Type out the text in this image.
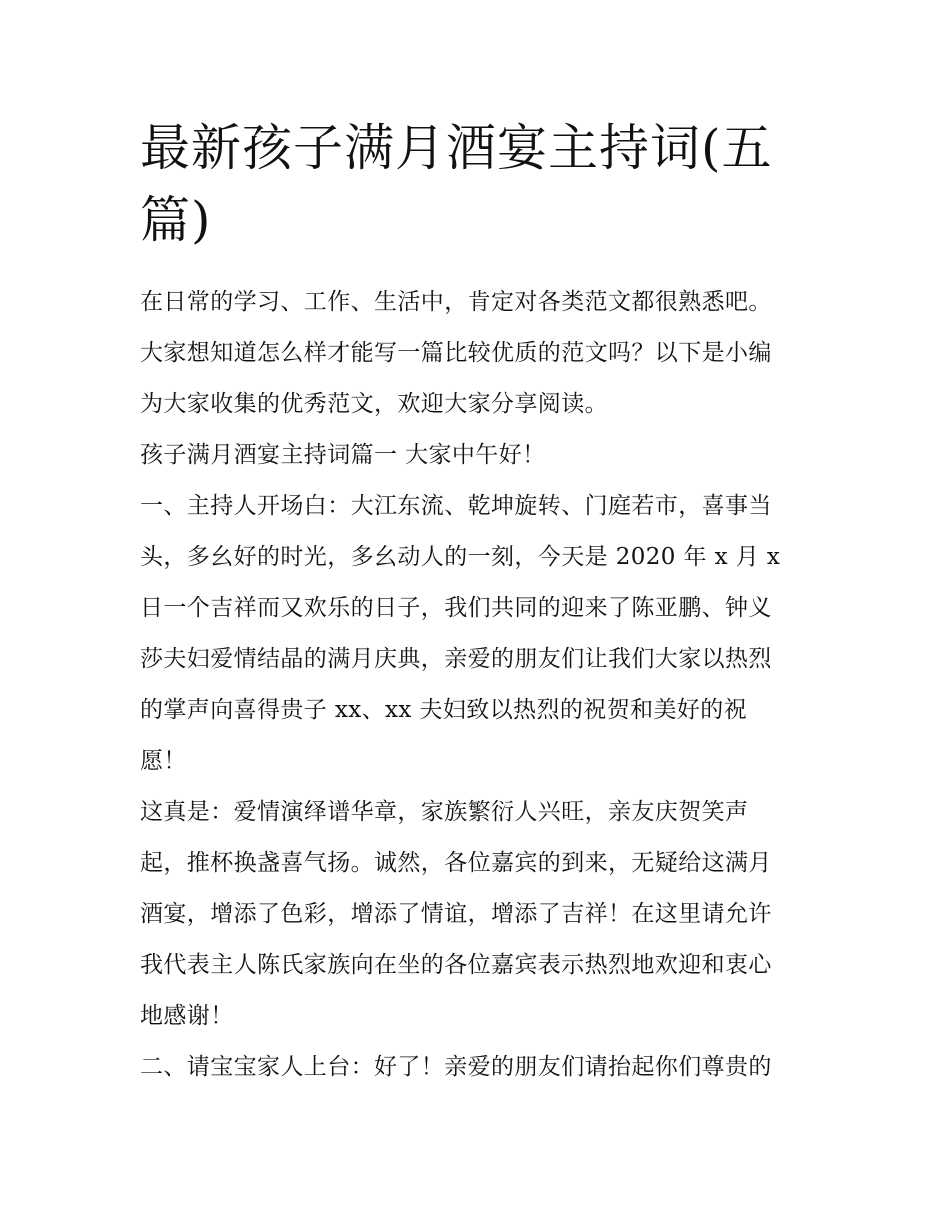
最新孩子满月酒宴主持词(五
篇)
在日常的学习、工作、生活中，肯定对各类范文都很熟悉吧。
大家想知道怎么样才能写一篇比较优质的范文吗？以下是小编
为大家收集的优秀范文，欢迎大家分享阅读。
孩子满月酒宴主持词篇一 大家中午好！
一、主持人开场白：大江东流、乾坤旋转、门庭若市，喜事当
头，多幺好的时光，多幺动人的一刻，今天是 2020 年 x 月 x
日一个吉祥而又欢乐的日子，我们共同的迎来了陈亚鹏、钟义
莎夫妇爱情结晶的满月庆典，亲爱的朋友们让我们大家以热烈
的掌声向喜得贵子 xx、xx 夫妇致以热烈的祝贺和美好的祝
愿！
这真是：爱情演绎谱华章，家族繁衍人兴旺，亲友庆贺笑声
起，推杯换盏喜气扬。诚然，各位嘉宾的到来，无疑给这满月
酒宴，增添了色彩，增添了情谊，增添了吉祥！在这里请允许
我代表主人陈氏家族向在坐的各位嘉宾表示热烈地欢迎和衷心
地感谢！
二、请宝宝家人上台：好了！亲爱的朋友们请抬起你们尊贵的
